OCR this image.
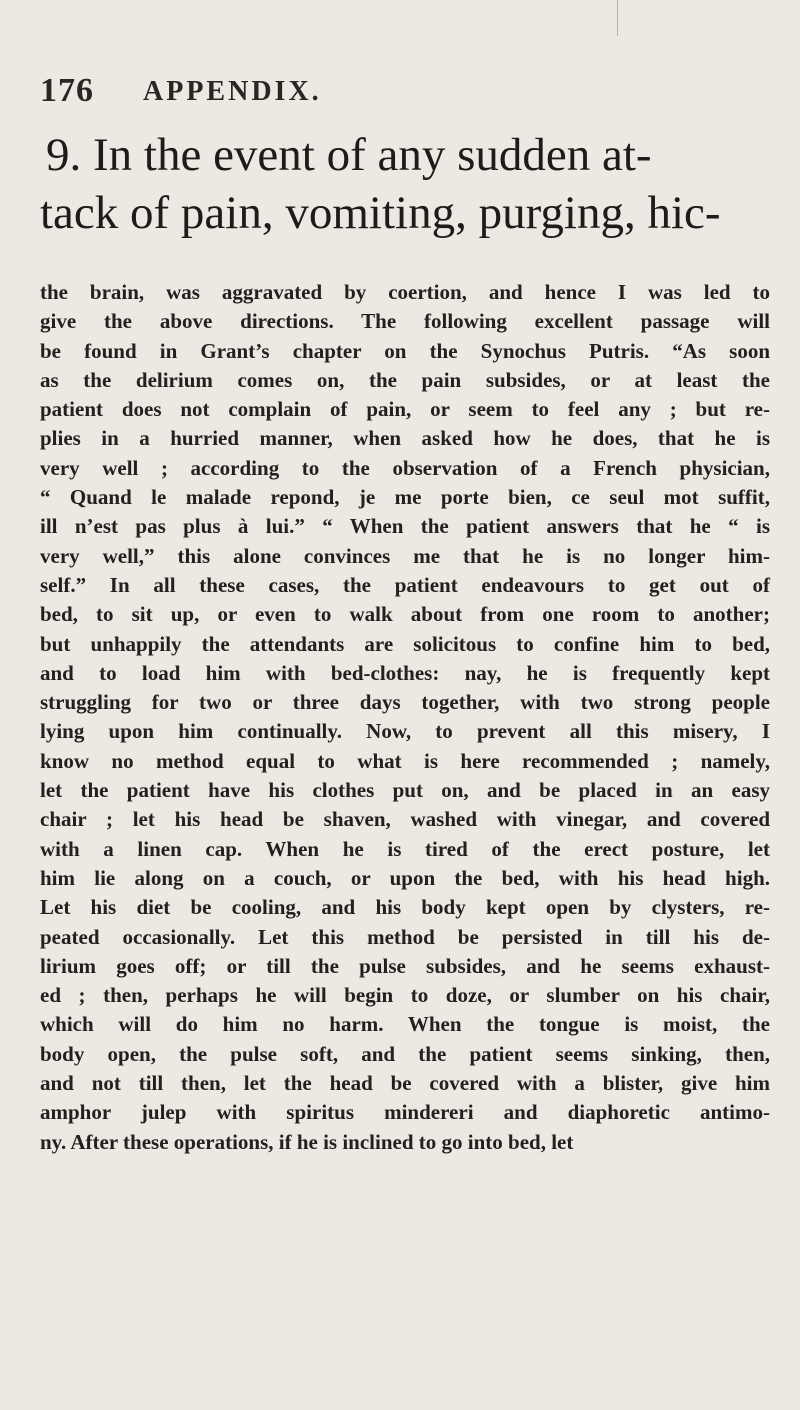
176 APPENDIX.

9. In the event of any sudden at-
tack of pain, vomiting, purging, hic-

the brain, was aggravated by coertion, and hence I was led to
give the above directions. The following excellent passage will
be found in Grant’s chapter on the Synochus Putris. “As soon
as the delirium comes on, the pain subsides, or at least the
patient does not complain of pain, or seem to feel any ; but re-
plies in a hurried manner, when asked how he does, that he is
very well ; according to the observation of a French physician,
“ Quand le malade repond, je me porte bien, ce seul mot suffit,
ill n’est pas plus à lui.” “ When the patient answers that he “ is
very well,” this alone convinces me that he is no longer him-
self.” In all these cases, the patient endeavours to get out of
bed, to sit up, or even to walk about from one room to another;
but unhappily the attendants are solicitous to confine him to bed,
and to load him with bed-clothes: nay, he is frequently kept
struggling for two or three days together, with two strong people
lying upon him continually. Now, to prevent all this misery, I
know no method equal to what is here recommended ; namely,
let the patient have his clothes put on, and be placed in an easy
chair ; let his head be shaven, washed with vinegar, and covered
with a linen cap. When he is tired of the erect posture, let
him lie along on a couch, or upon the bed, with his head high.
Let his diet be cooling, and his body kept open by clysters, re-
peated occasionally. Let this method be persisted in till his de-
lirium goes off; or till the pulse subsides, and he seems exhaust-
ed ; then, perhaps he will begin to doze, or slumber on his chair,
which will do him no harm. When the tongue is moist, the
body open, the pulse soft, and the patient seems sinking, then,
and not till then, let the head be covered with a blister, give him
amphor julep with spiritus mindereri and diaphoretic antimo-
ny. After these operations, if he is inclined to go into bed, let
